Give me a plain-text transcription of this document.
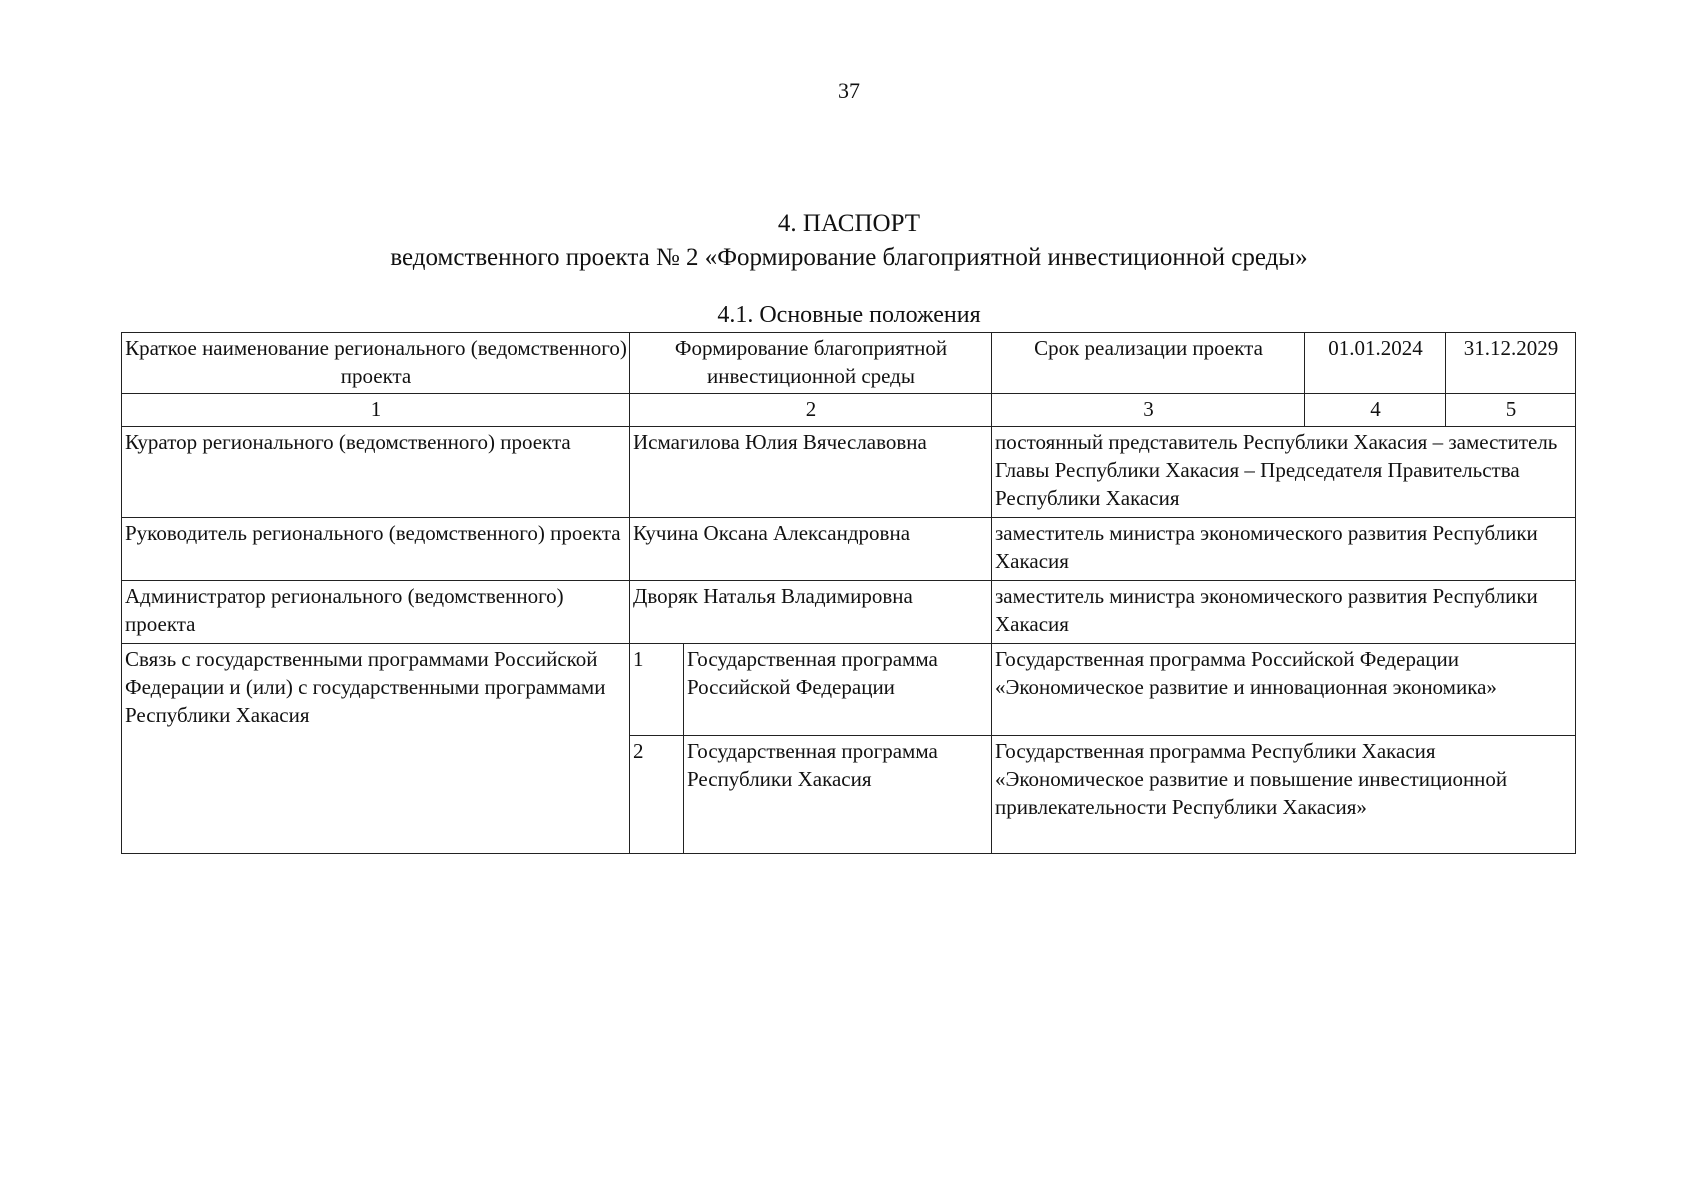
37
4. ПАСПОРТ
ведомственного проекта № 2 «Формирование благоприятной инвестиционной среды»
4.1. Основные положения
Краткое наименование регионального (ведомственного) проекта	Формирование благоприятной инвестиционной среды		Срок реализации проекта	01.01.2024	31.12.2029
1	2		3	4	5
Куратор регионального (ведомственного) проекта	Исмагилова Юлия Вячеславовна		постоянный представитель Республики Хакасия – заместитель Главы Республики Хакасия – Председателя Правительства Республики Хакасия		
Руководитель регионального (ведомственного) проекта	Кучина Оксана Александровна		заместитель министра экономического развития Республики Хакасия		
Администратор регионального (ведомственного) проекта	Дворяк Наталья Владимировна		заместитель министра экономического развития Республики Хакасия		
Связь с государственными программами Российской Федерации и (или) с государственными программами Республики Хакасия	1	Государственная программа Российской Федерации	Государственная программа Российской Федерации «Экономическое развитие и инновационная экономика»		
	2	Государственная программа Республики Хакасия	Государственная программа Республики Хакасия «Экономическое развитие и повышение инвестиционной привлекательности Республики Хакасия»		
